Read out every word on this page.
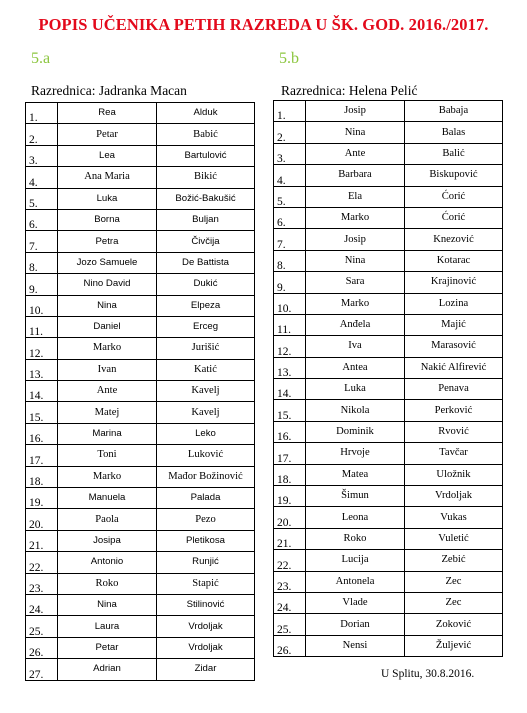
POPIS UČENIKA PETIH RAZREDA U ŠK. GOD. 2016./2017.
5.a	5.b
Razrednica: Jadranka Macan	Razrednica: Helena Pelić
1.	Rea	Alduk
2.	Petar	Babić
3.	Lea	Bartulović
4.	Ana Maria	Bikić
5.	Luka	Božić-Bakušić
6.	Borna	Buljan
7.	Petra	Čivčija
8.	Jozo Samuele	De Battista
9.	Nino David	Dukić
10.	Nina	Elpeza
11.	Daniel	Erceg
12.	Marko	Jurišić
13.	Ivan	Katić
14.	Ante	Kavelj
15.	Matej	Kavelj
16.	Marina	Leko
17.	Toni	Luković
18.	Marko	Mađor Božinović
19.	Manuela	Palada
20.	Paola	Pezo
21.	Josipa	Pletikosa
22.	Antonio	Runjić
23.	Roko	Stapić
24.	Nina	Stilinović
25.	Laura	Vrdoljak
26.	Petar	Vrdoljak
27.	Adrian	Zidar
1.	Josip	Babaja
2.	Nina	Balas
3.	Ante	Balić
4.	Barbara	Biskupović
5.	Ela	Ćorić
6.	Marko	Ćorić
7.	Josip	Knezović
8.	Nina	Kotarac
9.	Sara	Krajinović
10.	Marko	Lozina
11.	Anđela	Majić
12.	Iva	Marasović
13.	Antea	Nakić Alfirević
14.	Luka	Penava
15.	Nikola	Perković
16.	Dominik	Rvović
17.	Hrvoje	Tavčar
18.	Matea	Uložnik
19.	Šimun	Vrdoljak
20.	Leona	Vukas
21.	Roko	Vuletić
22.	Lucija	Zebić
23.	Antonela	Zec
24.	Vlade	Zec
25.	Dorian	Zoković
26.	Nensi	Žuljević
U Splitu, 30.8.2016.
